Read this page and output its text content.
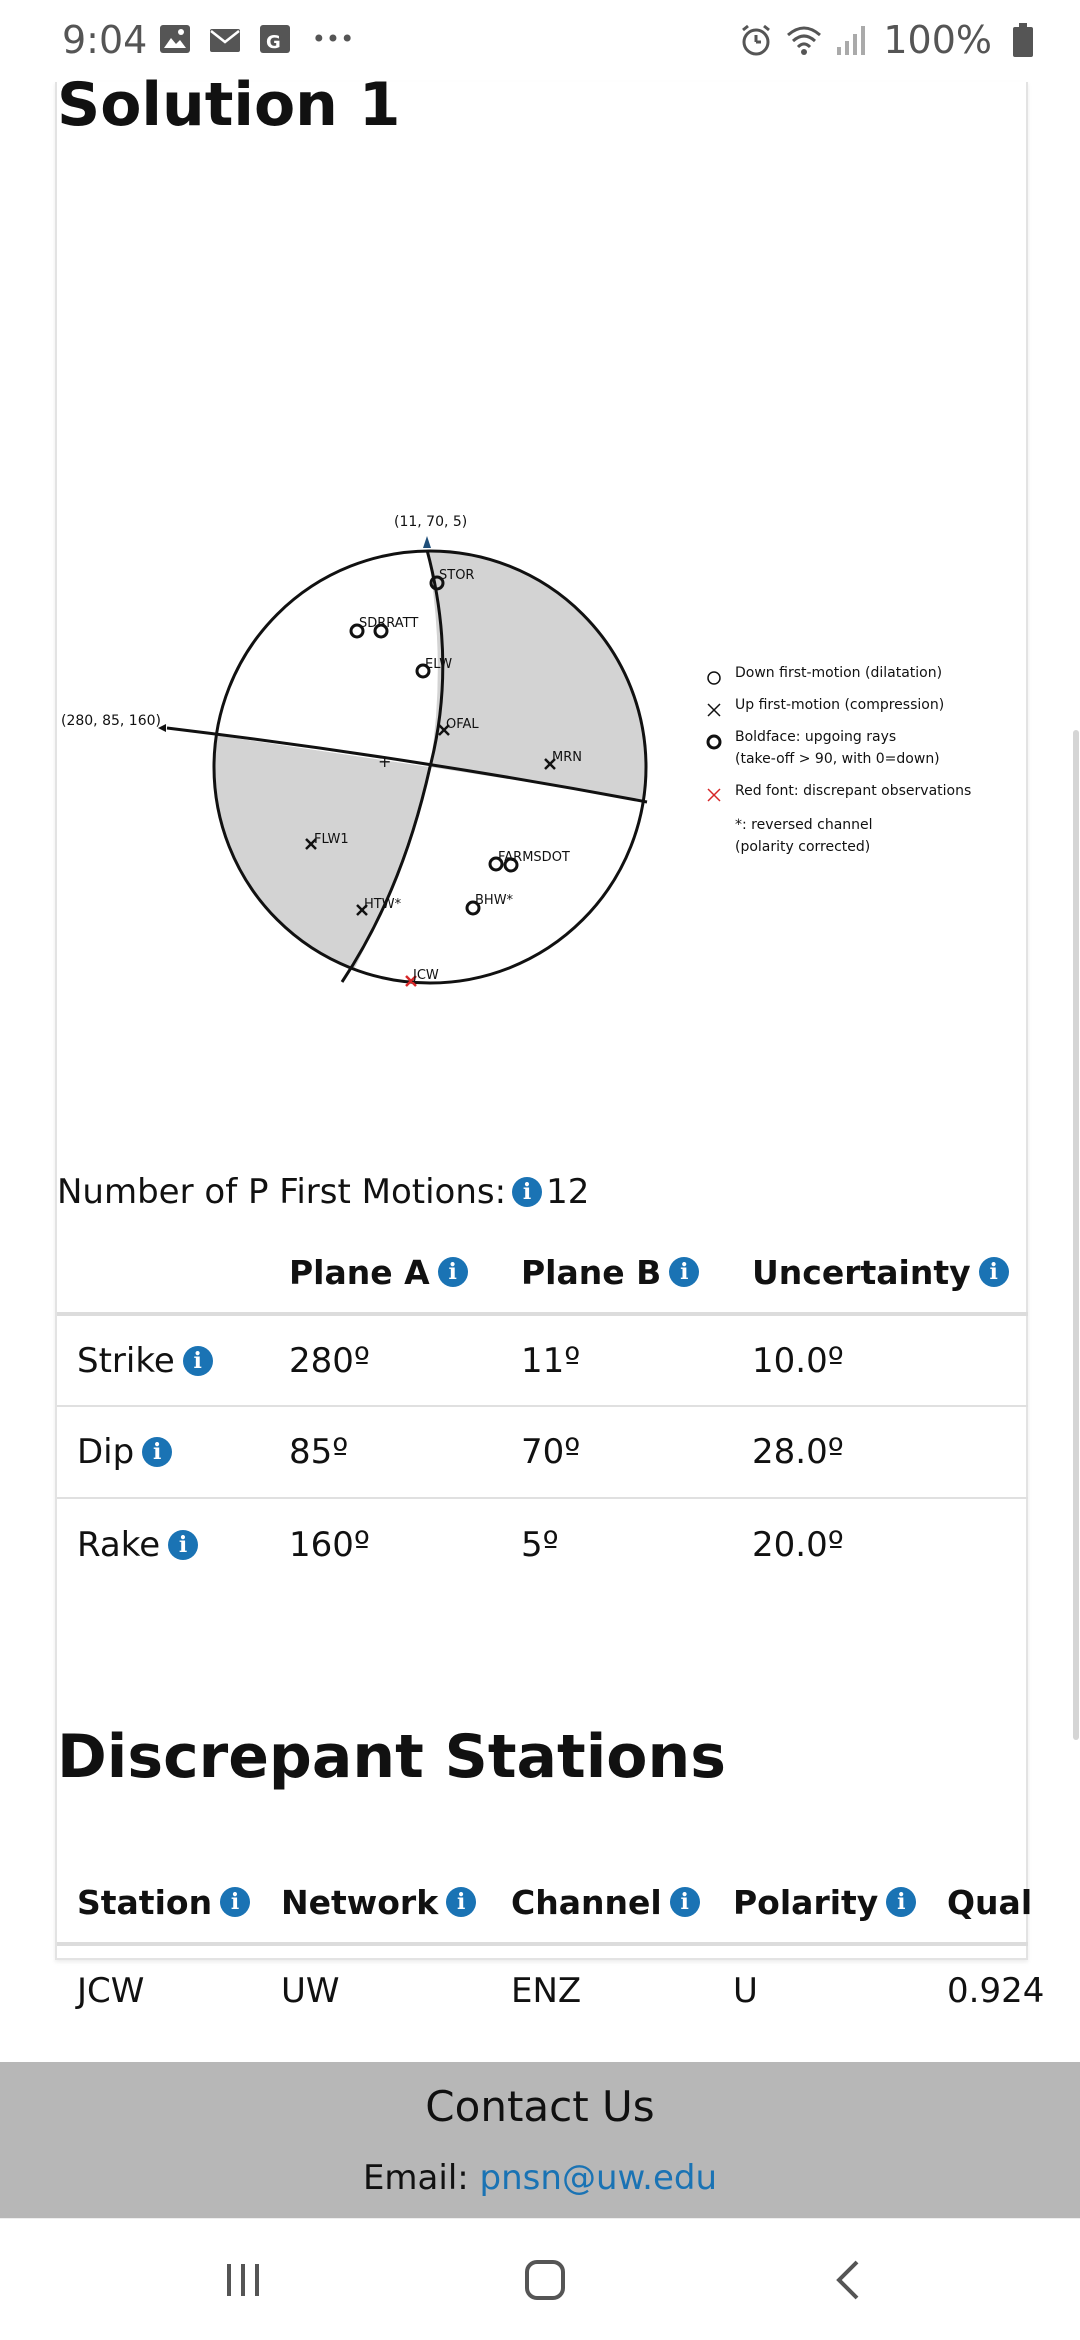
9:04	G •••	100%
Solution 1
+
(280, 85, 160)
(11, 70, 5)
STOR
SDRRATT
ELW
OFAL
MRN
FLW1
FARMSDOT
HTW*	BHW*
JCW
Down first-motion (dilatation)
Up first-motion (compression)
Boldface: upgoing rays
(take-off > 90, with 0=down)
Red font: discrepant observations
*: reversed channel
(polarity corrected)
Number of P First Motions: i 12

	Plane A i	Plane B i	Uncertainty i

Strike i	280º	11º	10.0º

Dip i	85º	70º	28.0º

Rake i	160º	5º	20.0º
Discrepant Stations
Station i	Network i	Channel i	Polarity i	Qual
JCW	UW	ENZ	U	0.924
Contact Us
Email: pnsn@uw.edu
